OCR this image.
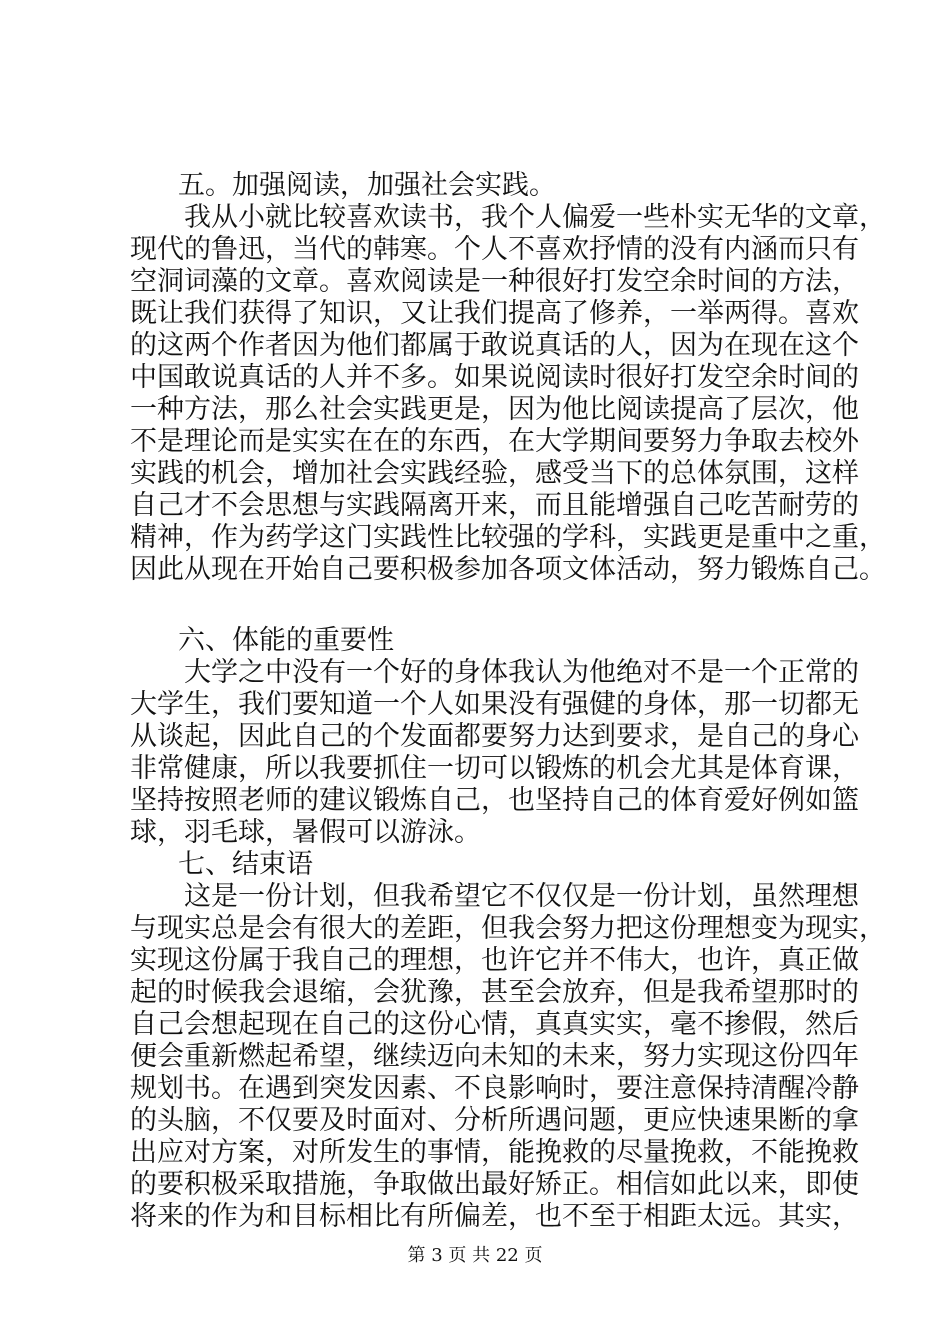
五。加强阅读，加强社会实践。
　　我从小就比较喜欢读书，我个人偏爱一些朴实无华的文章，
现代的鲁迅，当代的韩寒。个人不喜欢抒情的没有内涵而只有
空洞词藻的文章。喜欢阅读是一种很好打发空余时间的方法，
既让我们获得了知识，又让我们提高了修养，一举两得。喜欢
的这两个作者因为他们都属于敢说真话的人，因为在现在这个
中国敢说真话的人并不多。如果说阅读时很好打发空余时间的
一种方法，那么社会实践更是，因为他比阅读提高了层次，他
不是理论而是实实在在的东西，在大学期间要努力争取去校外
实践的机会，增加社会实践经验，感受当下的总体氛围，这样
自己才不会思想与实践隔离开来，而且能增强自己吃苦耐劳的
精神，作为药学这门实践性比较强的学科，实践更是重中之重，
因此从现在开始自己要积极参加各项文体活动，努力锻炼自己。
六、体能的重要性
　　大学之中没有一个好的身体我认为他绝对不是一个正常的
大学生，我们要知道一个人如果没有强健的身体，那一切都无
从谈起，因此自己的个发面都要努力达到要求，是自己的身心
非常健康，所以我要抓住一切可以锻炼的机会尤其是体育课，
坚持按照老师的建议锻炼自己，也坚持自己的体育爱好例如篮
球，羽毛球，暑假可以游泳。
七、结束语
　　这是一份计划，但我希望它不仅仅是一份计划，虽然理想
与现实总是会有很大的差距，但我会努力把这份理想变为现实，
实现这份属于我自己的理想，也许它并不伟大，也许，真正做
起的时候我会退缩，会犹豫，甚至会放弃，但是我希望那时的
自己会想起现在自己的这份心情，真真实实，毫不掺假，然后
便会重新燃起希望，继续迈向未知的未来，努力实现这份四年
规划书。在遇到突发因素、不良影响时，要注意保持清醒冷静
的头脑，不仅要及时面对、分析所遇问题，更应快速果断的拿
出应对方案，对所发生的事情，能挽救的尽量挽救，不能挽救
的要积极采取措施，争取做出最好矫正。相信如此以来，即使
将来的作为和目标相比有所偏差，也不至于相距太远。其实，
第 3 页 共 22 页
